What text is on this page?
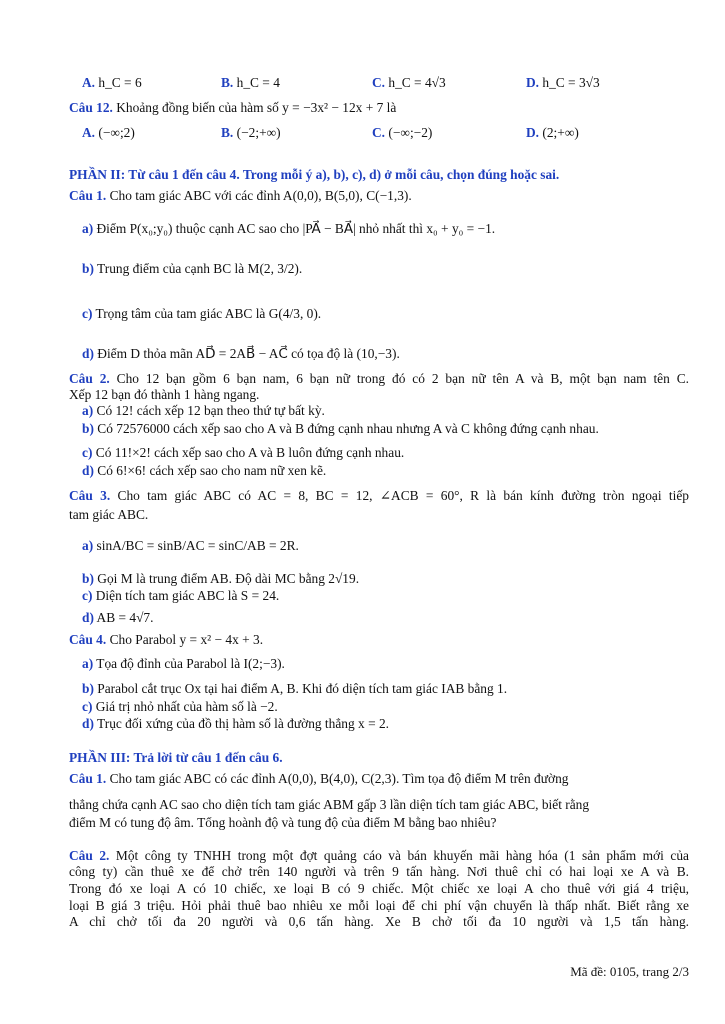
A. h_C = 6	B. h_C = 4	C. h_C = 4√3	D. h_C = 3√3
Câu 12. Khoảng đồng biến của hàm số y = −3x² − 12x + 7 là
A. (−∞;2)	B. (−2;+∞)	C. (−∞;−2)	D. (2;+∞)
PHẦN II: Từ câu 1 đến câu 4. Trong mỗi ý a), b), c), d) ở mỗi câu, chọn đúng hoặc sai.
Câu 1. Cho tam giác ABC với các đỉnh A(0,0), B(5,0), C(−1,3).
a) Điểm P(x₀;y₀) thuộc cạnh AC sao cho |PA⃗ − BA⃗| nhỏ nhất thì x₀ + y₀ = −1.
b) Trung điểm của cạnh BC là M(2, 3/2).
c) Trọng tâm của tam giác ABC là G(4/3, 0).
d) Điểm D thỏa mãn AD⃗ = 2AB⃗ − AC⃗ có tọa độ là (10,−3).
Câu 2. Cho 12 bạn gồm 6 bạn nam, 6 bạn nữ trong đó có 2 bạn nữ tên A và B, một bạn nam tên C.
Xếp 12 bạn đó thành 1 hàng ngang.
a) Có 12! cách xếp 12 bạn theo thứ tự bất kỳ.
b) Có 72576000 cách xếp sao cho A và B đứng cạnh nhau nhưng A và C không đứng cạnh nhau.
c) Có 11!×2! cách xếp sao cho A và B luôn đứng cạnh nhau.
d) Có 6!×6! cách xếp sao cho nam nữ xen kẽ.
Câu 3. Cho tam giác ABC có AC = 8, BC = 12, ∠ACB = 60°, R là bán kính đường tròn ngoại tiếp
tam giác ABC.
a) sinA/BC = sinB/AC = sinC/AB = 2R.
b) Gọi M là trung điểm AB. Độ dài MC bằng 2√19.
c) Diện tích tam giác ABC là S = 24.
d) AB = 4√7.
Câu 4. Cho Parabol y = x² − 4x + 3.
a) Tọa độ đỉnh của Parabol là I(2;−3).
b) Parabol cắt trục Ox tại hai điểm A, B. Khi đó diện tích tam giác IAB bằng 1.
c) Giá trị nhỏ nhất của hàm số là −2.
d) Trục đối xứng của đồ thị hàm số là đường thẳng x = 2.
PHẦN III: Trả lời từ câu 1 đến câu 6.
Câu 1. Cho tam giác ABC có các đỉnh A(0,0), B(4,0), C(2,3). Tìm tọa độ điểm M trên đường
thẳng chứa cạnh AC sao cho diện tích tam giác ABM gấp 3 lần diện tích tam giác ABC, biết rằng
điểm M có tung độ âm. Tổng hoành độ và tung độ của điểm M bằng bao nhiêu?
Câu 2. Một công ty TNHH trong một đợt quảng cáo và bán khuyến mãi hàng hóa (1 sản phẩm mới của
công ty) cần thuê xe để chở trên 140 người và trên 9 tấn hàng. Nơi thuê chỉ có hai loại xe A và B.
Trong đó xe loại A có 10 chiếc, xe loại B có 9 chiếc. Một chiếc xe loại A cho thuê với giá 4 triệu,
loại B giá 3 triệu. Hỏi phải thuê bao nhiêu xe mỗi loại để chi phí vận chuyển là thấp nhất. Biết rằng xe
A chỉ chở tối đa 20 người và 0,6 tấn hàng. Xe B chở tối đa 10 người và 1,5 tấn hàng.
Mã đề: 0105, trang 2/3
